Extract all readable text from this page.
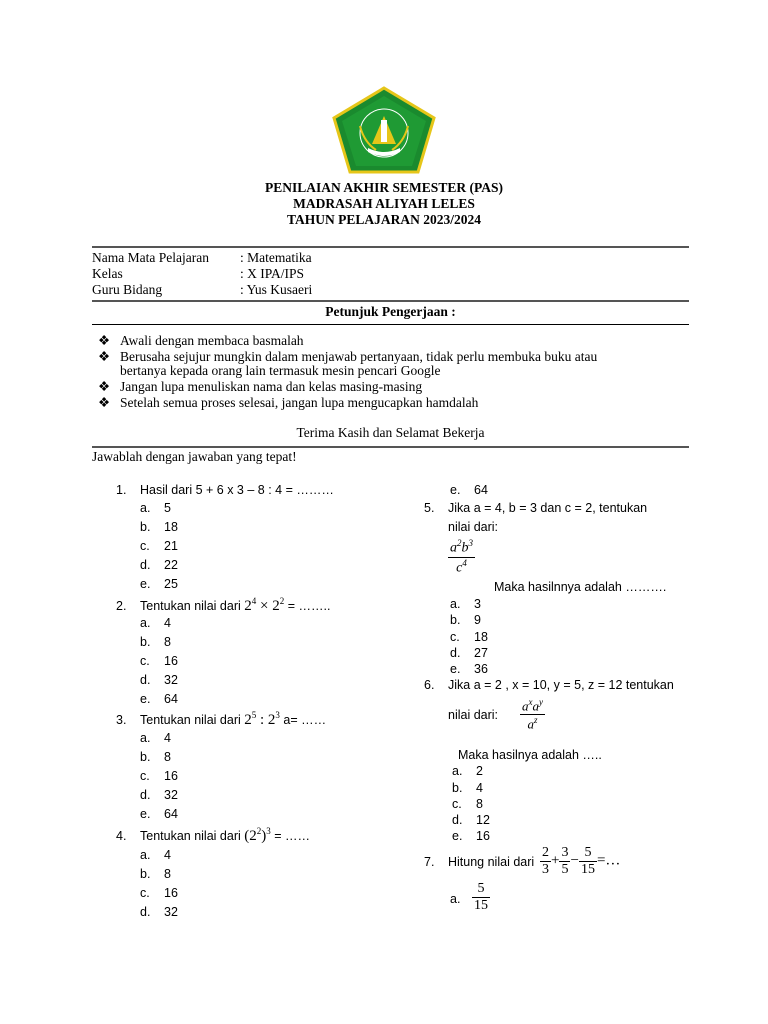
PENILAIAN AKHIR SEMESTER (PAS)
MADRASAH ALIYAH LELES
TAHUN PELAJARAN 2023/2024
Nama Mata Pelajaran : Matematika
Kelas	: X IPA/IPS
Guru Bidang	: Yus Kusaeri
Petunjuk Pengerjaan :
❖ Awali dengan membaca basmalah
❖ Berusaha sejujur mungkin dalam menjawab pertanyaan, tidak perlu membuka buku atau
bertanya kepada orang lain termasuk mesin pencari Google
❖ Jangan lupa menuliskan nama dan kelas masing-masing
❖ Setelah semua proses selesai, jangan lupa mengucapkan hamdalah
Terima Kasih dan Selamat Bekerja
Jawablah dengan jawaban yang tepat!
1. Hasil dari 5 + 6 x 3 – 8 : 4 = ………
a. 5
b. 18
c. 21
d. 22
e. 25
2. Tentukan nilai dari $2^4 \times 2^2$ = ……..
a. 4
b. 8
c. 16
d. 32
e. 64
3. Tentukan nilai dari $2^5$ : $2^3$ a= ……
a. 4
b. 8
c. 16
d. 32
e. 64
4. Tentukan nilai dari $(2^2)^3$ = ……
a. 4
b. 8
c. 16
d. 32
e. 64
5. Jika a = 4, b = 3 dan c = 2, tentukan
nilai dari:
$\frac{a^2b^3}{c^4}$
Maka hasilnnya adalah ……….
a. 3
b. 9
c. 18
d. 27
e. 36
6. Jika a = 2 , x = 10, y = 5, z = 12 tentukan
nilai dari:
$a^xa^y$
$a^z$
Maka hasilnya adalah …..
a. 2
b. 4
c. 8
d. 12
e. 16
7. Hitung nilai dari $\frac{2}{3} + \frac{3}{5} - \frac{5}{15}$ =…
a. $\frac{5}{15}$
